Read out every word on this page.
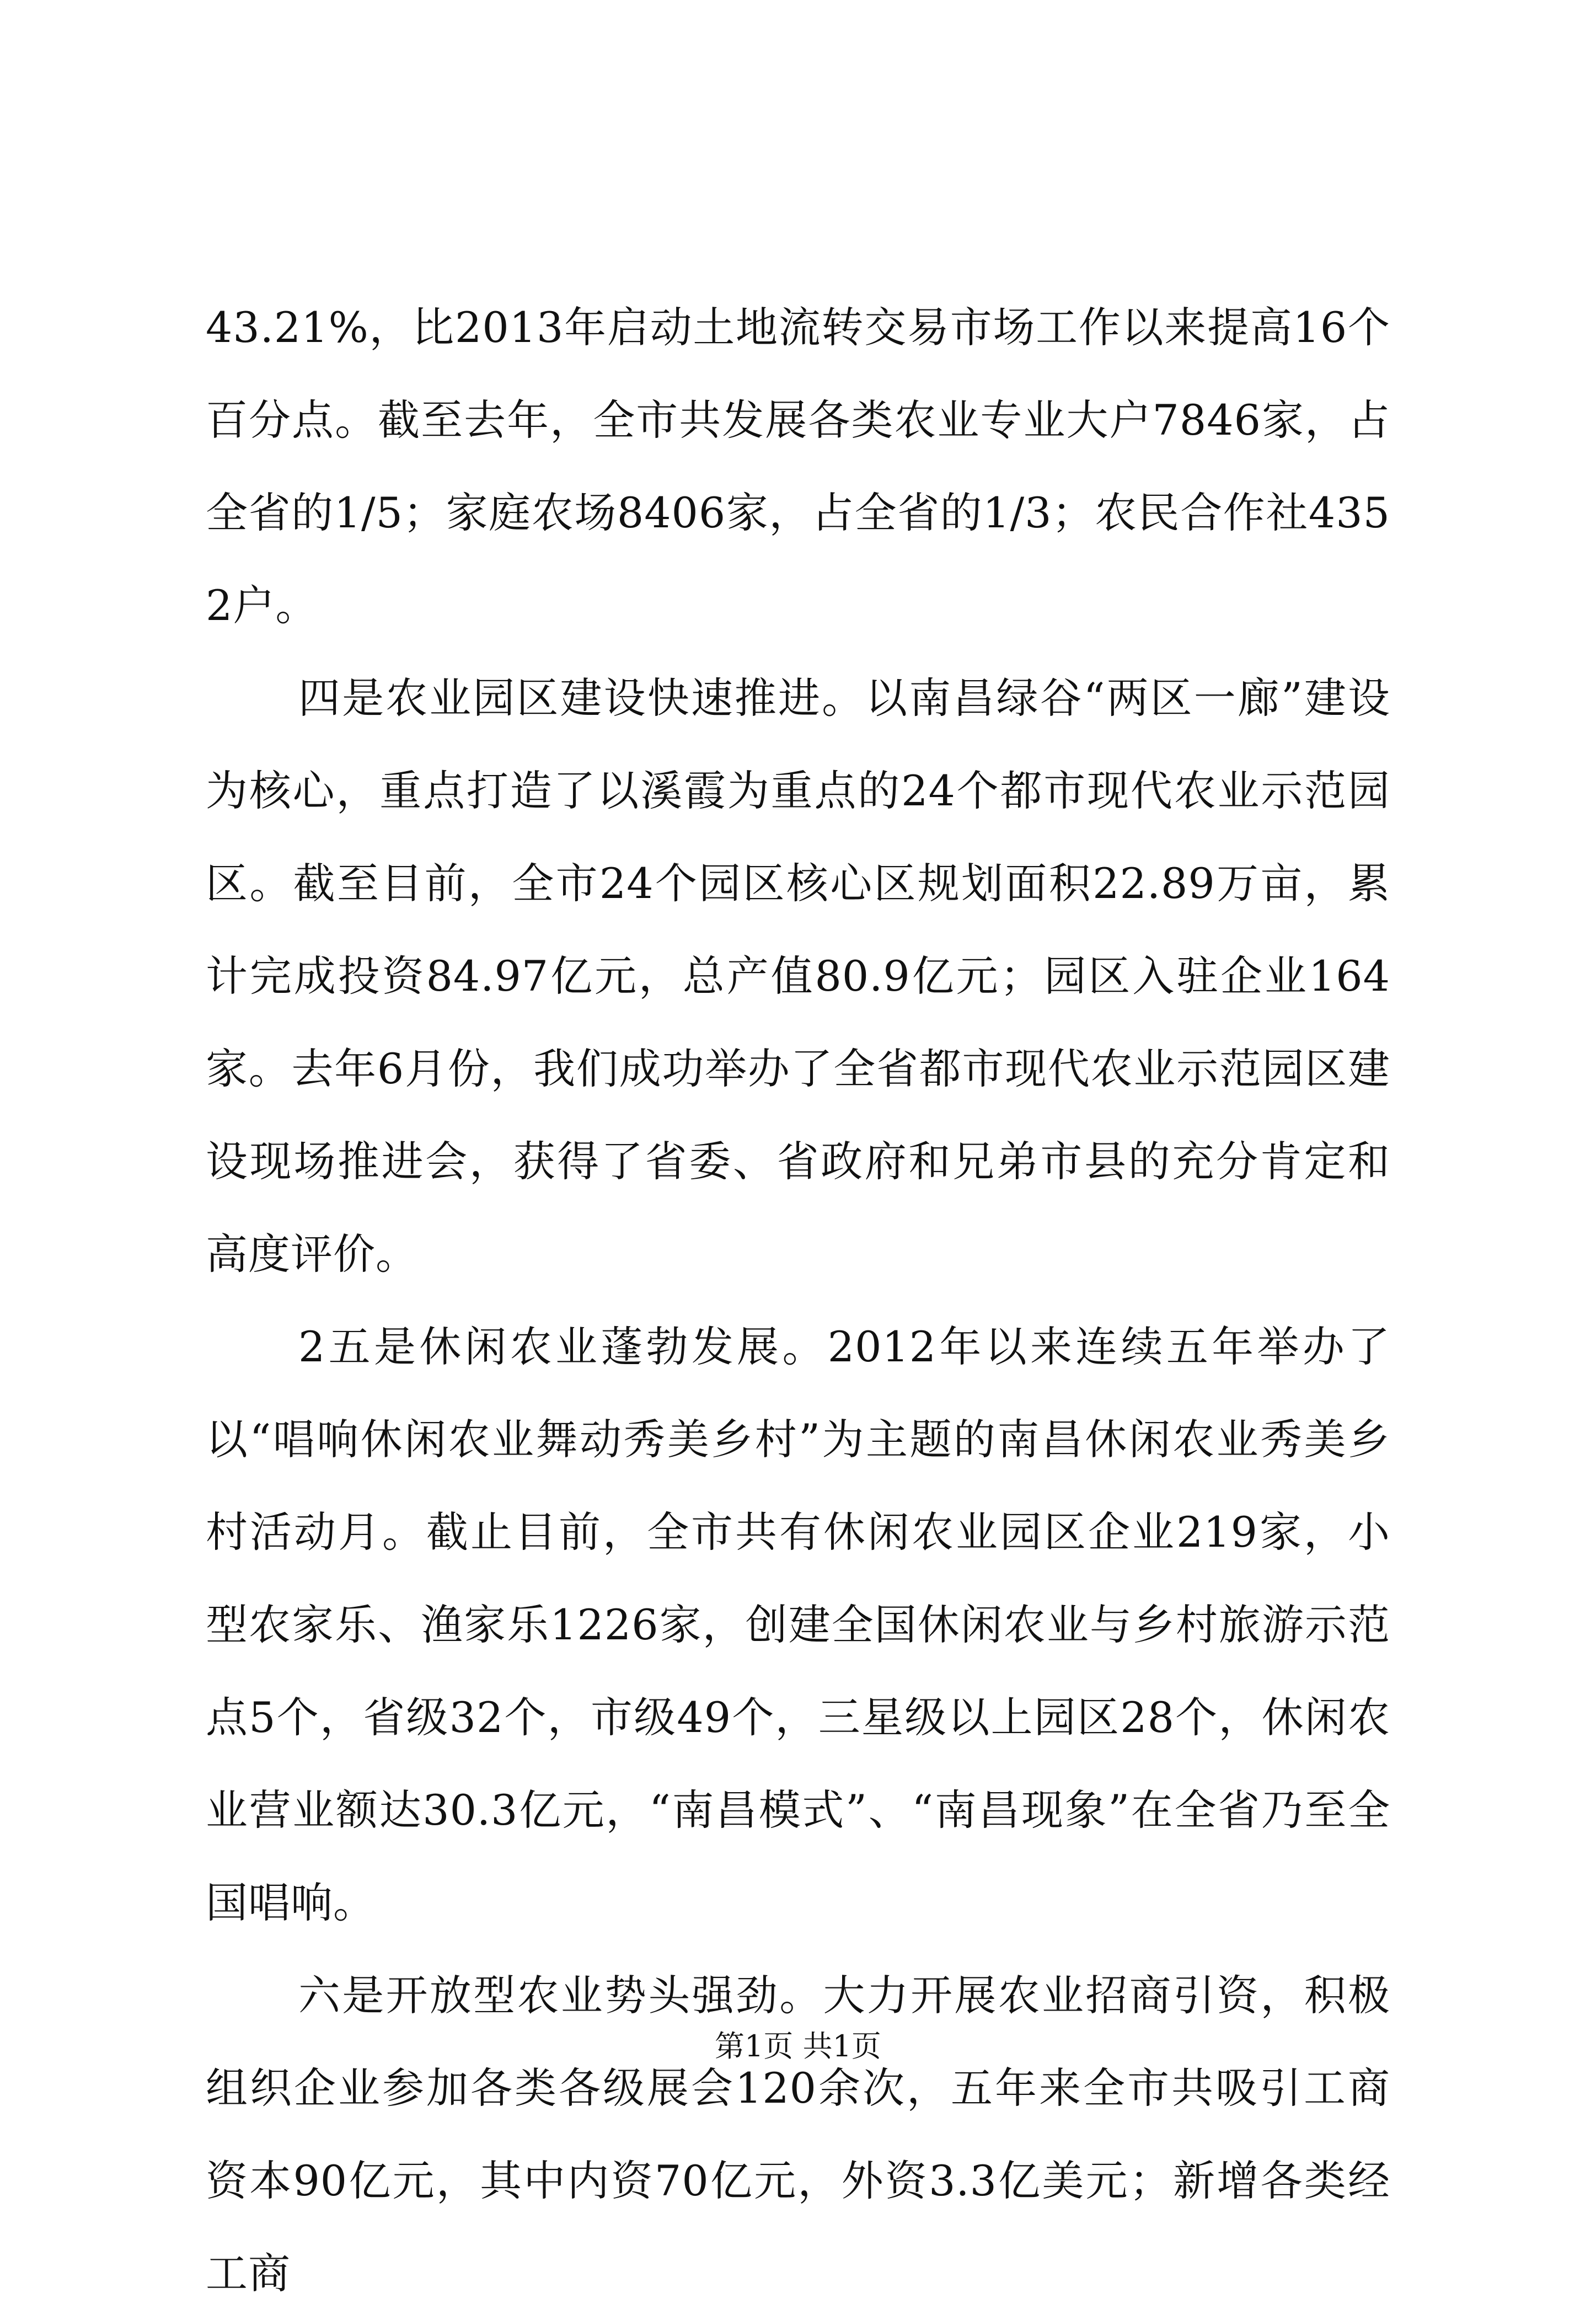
43.21%，比2013年启动土地流转交易市场工作以来提高16个百分点。截至去年，全市共发展各类农业专业大户7846家，占全省的1/5；家庭农场8406家，占全省的1/3；农民合作社4352户。

四是农业园区建设快速推进。以南昌绿谷“两区一廊”建设为核心，重点打造了以溪霞为重点的24个都市现代农业示范园区。截至目前，全市24个园区核心区规划面积22.89万亩，累计完成投资84.97亿元，总产值80.9亿元；园区入驻企业164家。去年6月份，我们成功举办了全省都市现代农业示范园区建设现场推进会，获得了省委、省政府和兄弟市县的充分肯定和高度评价。

2五是休闲农业蓬勃发展。2012年以来连续五年举办了以“唱响休闲农业舞动秀美乡村”为主题的南昌休闲农业秀美乡村活动月。截止目前，全市共有休闲农业园区企业219家，小型农家乐、渔家乐1226家，创建全国休闲农业与乡村旅游示范点5个，省级32个，市级49个，三星级以上园区28个，休闲农业营业额达30.3亿元，“南昌模式”、“南昌现象”在全省乃至全国唱响。

六是开放型农业势头强劲。大力开展农业招商引资，积极组织企业参加各类各级展会120余次，五年来全市共吸引工商资本90亿元，其中内资70亿元，外资3.3亿美元；新增各类经工商

第1页 共1页
